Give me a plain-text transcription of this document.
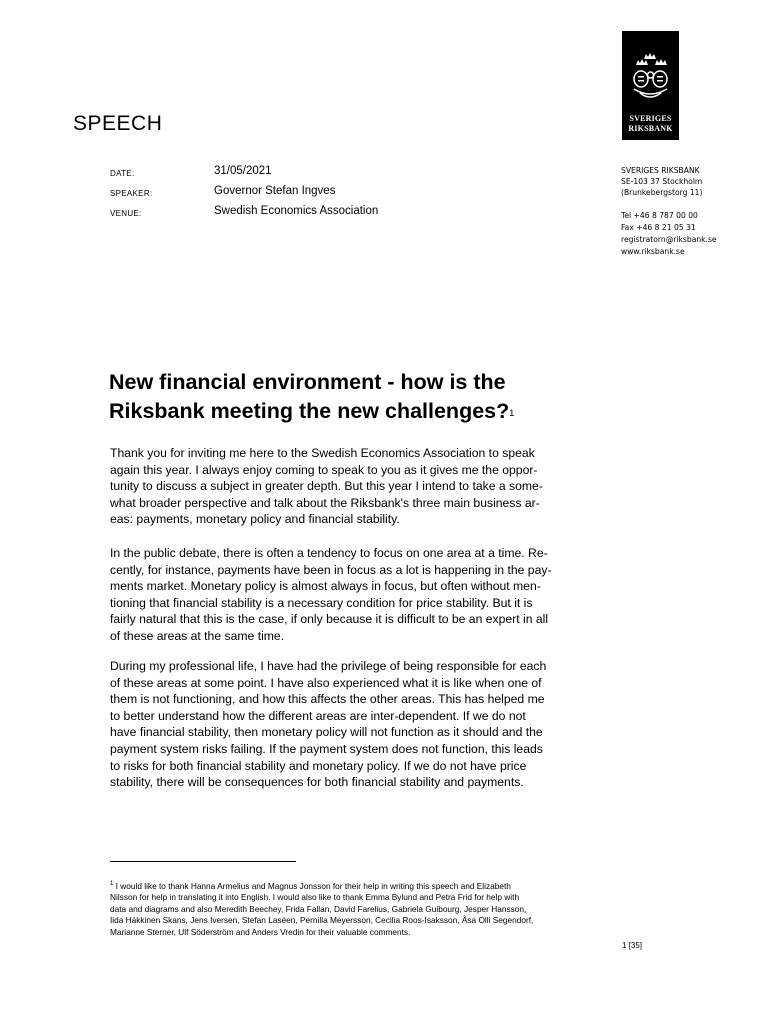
SVERIGES
RIKSBANK
SPEECH
DATE:	31/05/2021
SPEAKER:	Governor Stefan Ingves
VENUE:	Swedish Economics Association
SVERIGES RIKSBANK
SE-103 37 Stockholm
(Brunkebergstorg 11)
Tel +46 8 787 00 00
Fax +46 8 21 05 31
registratorn@riksbank.se
www.riksbank.se
New financial environment - how is the
Riksbank meeting the new challenges?$^1$

Thank you for inviting me here to the Swedish Economics Association to speak
again this year. I always enjoy coming to speak to you as it gives me the oppor-
tunity to discuss a subject in greater depth. But this year I intend to take a some-
what broader perspective and talk about the Riksbank's three main business ar-
eas: payments, monetary policy and financial stability.

In the public debate, there is often a tendency to focus on one area at a time. Re-
cently, for instance, payments have been in focus as a lot is happening in the pay-
ments market. Monetary policy is almost always in focus, but often without men-
tioning that financial stability is a necessary condition for price stability. But it is
fairly natural that this is the case, if only because it is difficult to be an expert in all
of these areas at the same time.

During my professional life, I have had the privilege of being responsible for each
of these areas at some point. I have also experienced what it is like when one of
them is not functioning, and how this affects the other areas. This has helped me
to better understand how the different areas are inter-dependent. If we do not
have financial stability, then monetary policy will not function as it should and the
payment system risks failing. If the payment system does not function, this leads
to risks for both financial stability and monetary policy. If we do not have price
stability, there will be consequences for both financial stability and payments.

$^1$ I would like to thank Hanna Armelius and Magnus Jonsson for their help in writing this speech and Elizabeth
Nilsson for help in translating it into English. I would also like to thank Emma Bylund and Petra Frid for help with
data and diagrams and also Meredith Beechey, Frida Fallan, David Farelius, Gabriela Guibourg, Jesper Hansson,
Iida Häkkinen Skans, Jens Iversen, Stefan Laséen, Pernilla Meyersson, Cecilia Roos-Isaksson, Åsa Olli Segendorf,
Marianne Sterner, Ulf Söderström and Anders Vredin for their valuable comments.

1 [35]
